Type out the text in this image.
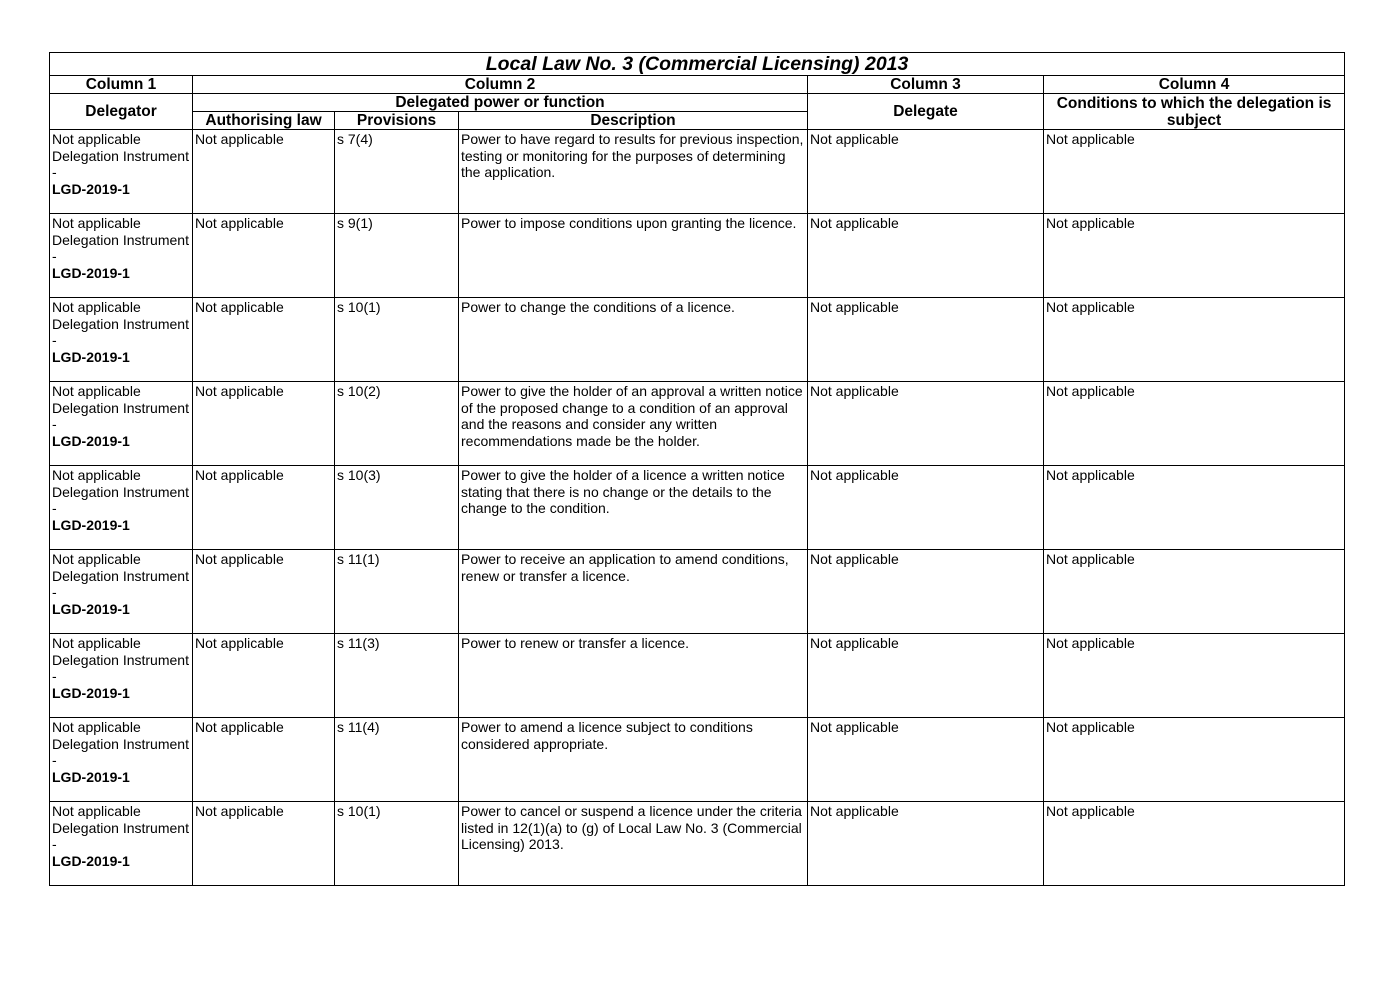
Local Law No. 3 (Commercial Licensing) 2013					
Column 1	Column 2			Column 3	Column 4
Delegator	Delegated power or function			Delegate	Conditions to which the delegation is subject
	Authorising law	Provisions	Description		

Not applicable
Delegation Instrument -
LGD-2019-1	Not applicable	s 7(4)	Power to have regard to results for previous inspection, testing or monitoring for the purposes of determining the application.	Not applicable	Not applicable

Not applicable
Delegation Instrument -
LGD-2019-1	Not applicable	s 9(1)	Power to impose conditions upon granting the licence.	Not applicable	Not applicable

Not applicable
Delegation Instrument -
LGD-2019-1	Not applicable	s 10(1)	Power to change the conditions of a licence.	Not applicable	Not applicable

Not applicable
Delegation Instrument -
LGD-2019-1	Not applicable	s 10(2)	Power to give the holder of an approval a written notice of the proposed change to a condition of an approval and the reasons and consider any written recommendations made be the holder.	Not applicable	Not applicable

Not applicable
Delegation Instrument -
LGD-2019-1	Not applicable	s 10(3)	Power to give the holder of a licence a written notice stating that there is no change or the details to the change to the condition.	Not applicable	Not applicable

Not applicable
Delegation Instrument -
LGD-2019-1	Not applicable	s 11(1)	Power to receive an application to amend conditions, renew or transfer a licence.	Not applicable	Not applicable

Not applicable
Delegation Instrument -
LGD-2019-1	Not applicable	s 11(3)	Power to renew or transfer a licence.	Not applicable	Not applicable

Not applicable
Delegation Instrument -
LGD-2019-1	Not applicable	s 11(4)	Power to amend a licence subject to conditions considered appropriate.	Not applicable	Not applicable

Not applicable
Delegation Instrument -
LGD-2019-1	Not applicable	s 10(1)	Power to cancel or suspend a licence under the criteria listed in 12(1)(a) to (g) of Local Law No. 3 (Commercial Licensing) 2013.	Not applicable	Not applicable
